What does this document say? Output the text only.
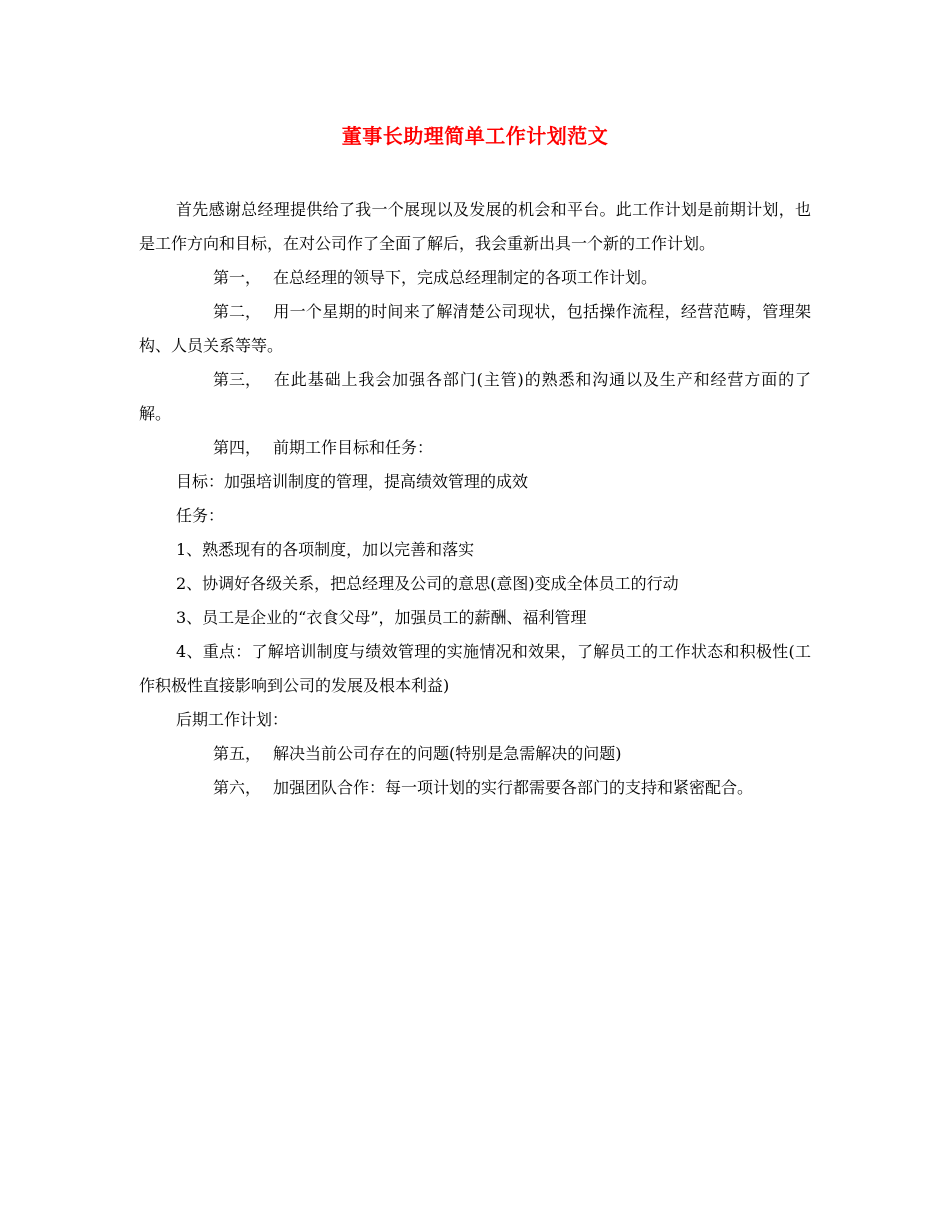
董事长助理简单工作计划范文

首先感谢总经理提供给了我一个展现以及发展的机会和平台。此工作计划是前期计划，也是工作方向和目标，在对公司作了全面了解后，我会重新出具一个新的工作计划。

第一， 在总经理的领导下，完成总经理制定的各项工作计划。

第二， 用一个星期的时间来了解清楚公司现状，包括操作流程，经营范畴，管理架构、人员关系等等。

第三， 在此基础上我会加强各部门(主管)的熟悉和沟通以及生产和经营方面的了解。

第四， 前期工作目标和任务：

目标：加强培训制度的管理，提高绩效管理的成效

任务：

1、熟悉现有的各项制度，加以完善和落实

2、协调好各级关系，把总经理及公司的意思(意图)变成全体员工的行动

3、员工是企业的“衣食父母”，加强员工的薪酬、福利管理

4、重点：了解培训制度与绩效管理的实施情况和效果，了解员工的工作状态和积极性(工作积极性直接影响到公司的发展及根本利益)

后期工作计划：

第五， 解决当前公司存在的问题(特别是急需解决的问题)

第六， 加强团队合作：每一项计划的实行都需要各部门的支持和紧密配合。
